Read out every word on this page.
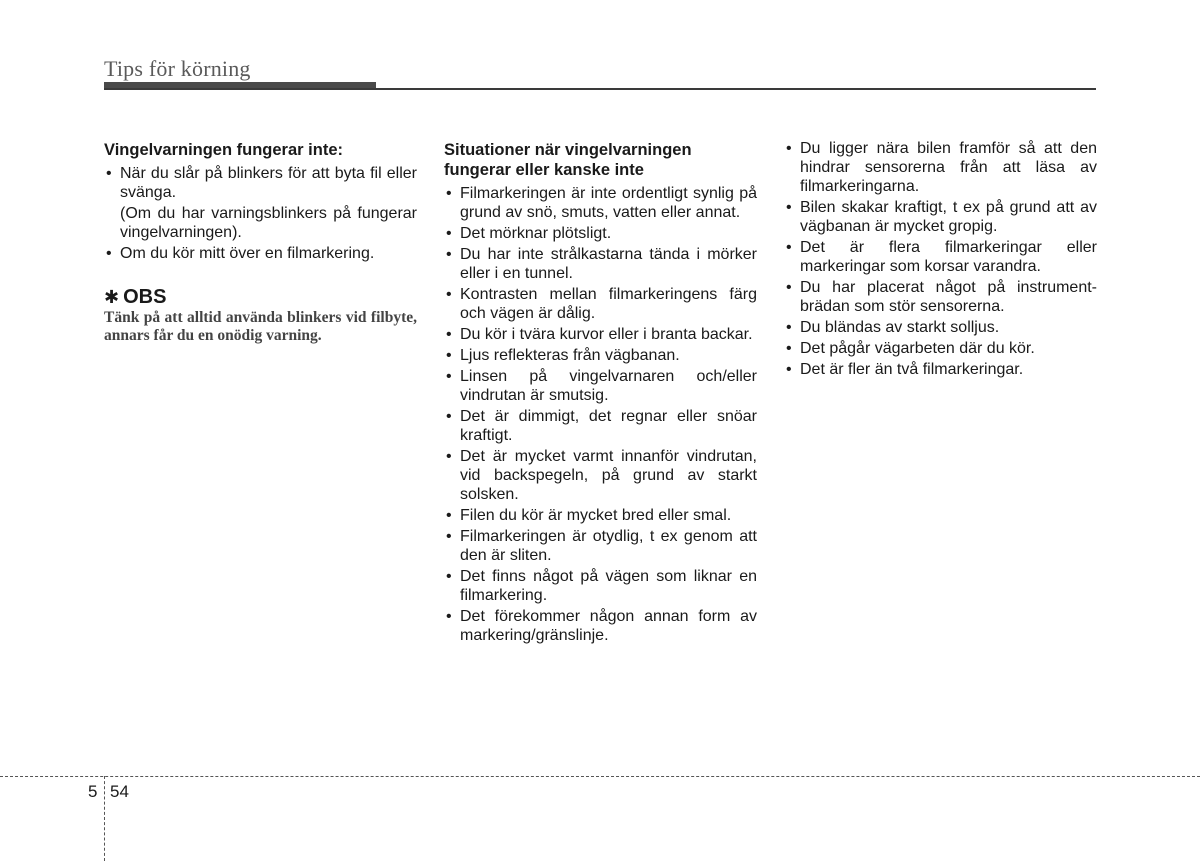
Tips för körning
Vingelvarningen fungerar inte:
• När du slår på blinkers för att byta fil eller svänga.
(Om du har varningsblinkers på fungerar vingelvarningen).
• Om du kör mitt över en filmarkering.
✱ OBS
Tänk på att alltid använda blinkers vid filbyte, annars får du en onödig varning.
Situationer när vingelvarningen fungerar eller kanske inte
• Filmarkeringen är inte ordentligt synlig på grund av snö, smuts, vatten eller annat.
• Det mörknar plötsligt.
• Du har inte strålkastarna tända i mörker eller i en tunnel.
• Kontrasten mellan filmarkeringens färg och vägen är dålig.
• Du kör i tvära kurvor eller i branta backar.
• Ljus reflekteras från vägbanan.
• Linsen på vingelvarnaren och/eller vindrutan är smutsig.
• Det är dimmigt, det regnar eller snöar kraftigt.
• Det är mycket varmt innanför vindrutan, vid backspegeln, på grund av starkt solsken.
• Filen du kör är mycket bred eller smal.
• Filmarkeringen är otydlig, t ex genom att den är sliten.
• Det finns något på vägen som liknar en filmarkering.
• Det förekommer någon annan form av markering/gränslinje.
• Du ligger nära bilen framför så att den hindrar sensorerna från att läsa av filmarkeringarna.
• Bilen skakar kraftigt, t ex på grund att av vägbanan är mycket gropig.
• Det är flera filmarkeringar eller markeringar som korsar varandra.
• Du har placerat något på instrument-brädan som stör sensorerna.
• Du bländas av starkt solljus.
• Det pågår vägarbeten där du kör.
• Det är fler än två filmarkeringar.
5 54
